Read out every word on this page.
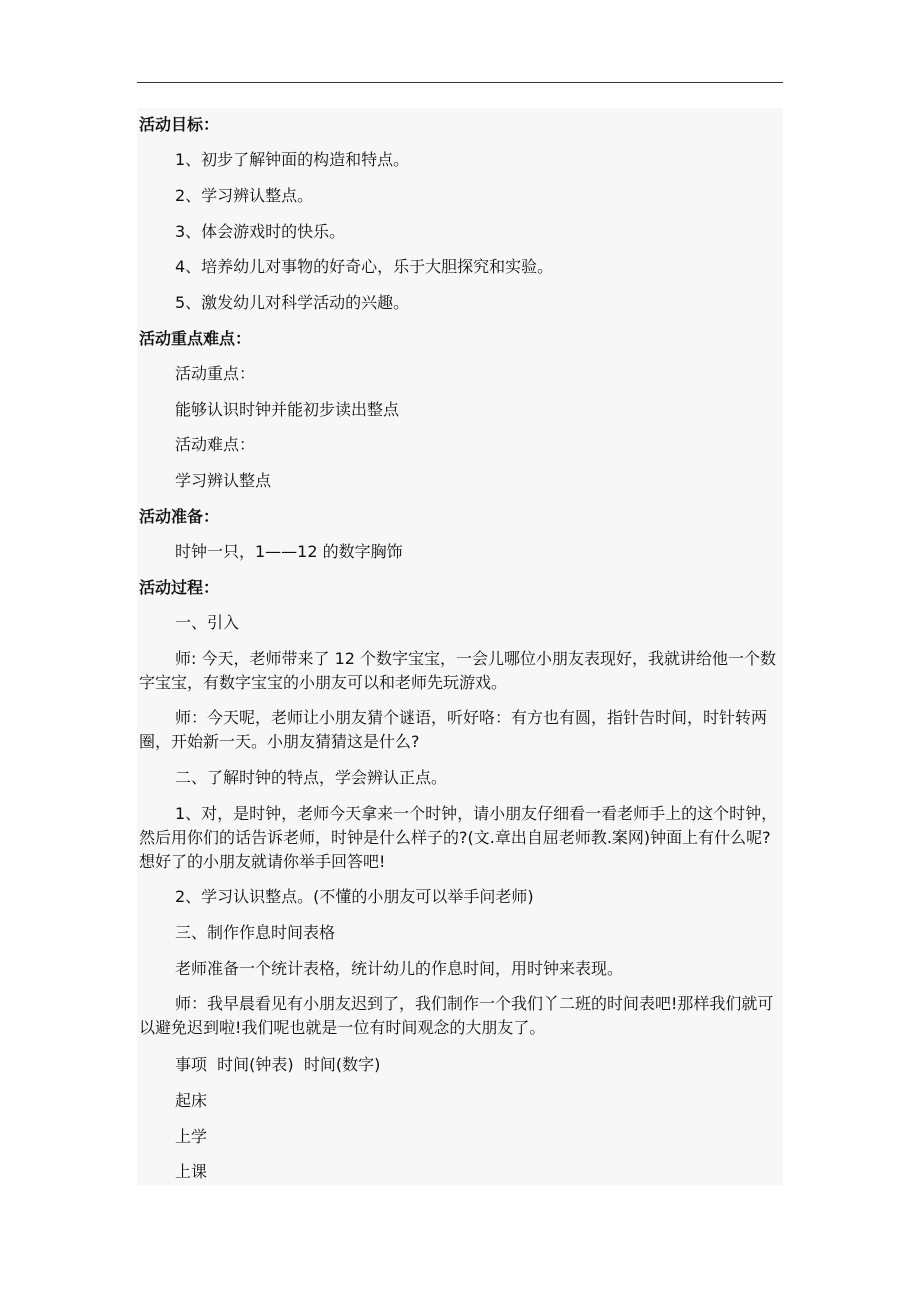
活动目标：
1、初步了解钟面的构造和特点。
2、学习辨认整点。
3、体会游戏时的快乐。
4、培养幼儿对事物的好奇心，乐于大胆探究和实验。
5、激发幼儿对科学活动的兴趣。
活动重点难点：
活动重点：
能够认识时钟并能初步读出整点
活动难点：
学习辨认整点
活动准备：
时钟一只，1——12 的数字胸饰
活动过程：
一、引入
师: 今天，老师带来了 12 个数字宝宝，一会儿哪位小朋友表现好，我就讲给他一个数字宝宝，有数字宝宝的小朋友可以和老师先玩游戏。
师：今天呢，老师让小朋友猜个谜语，听好咯：有方也有圆，指针告时间，时针转两圈，开始新一天。小朋友猜猜这是什么?
二、了解时钟的特点，学会辨认正点。
1、对，是时钟，老师今天拿来一个时钟，请小朋友仔细看一看老师手上的这个时钟，然后用你们的话告诉老师，时钟是什么样子的?(文.章出自屈老师教.案网)钟面上有什么呢?想好了的小朋友就请你举手回答吧!
2、学习认识整点。(不懂的小朋友可以举手问老师)
三、制作作息时间表格
老师准备一个统计表格，统计幼儿的作息时间，用时钟来表现。
师：我早晨看见有小朋友迟到了，我们制作一个我们丫二班的时间表吧!那样我们就可以避免迟到啦!我们呢也就是一位有时间观念的大朋友了。
事项  时间(钟表)  时间(数字)
起床
上学
上课
